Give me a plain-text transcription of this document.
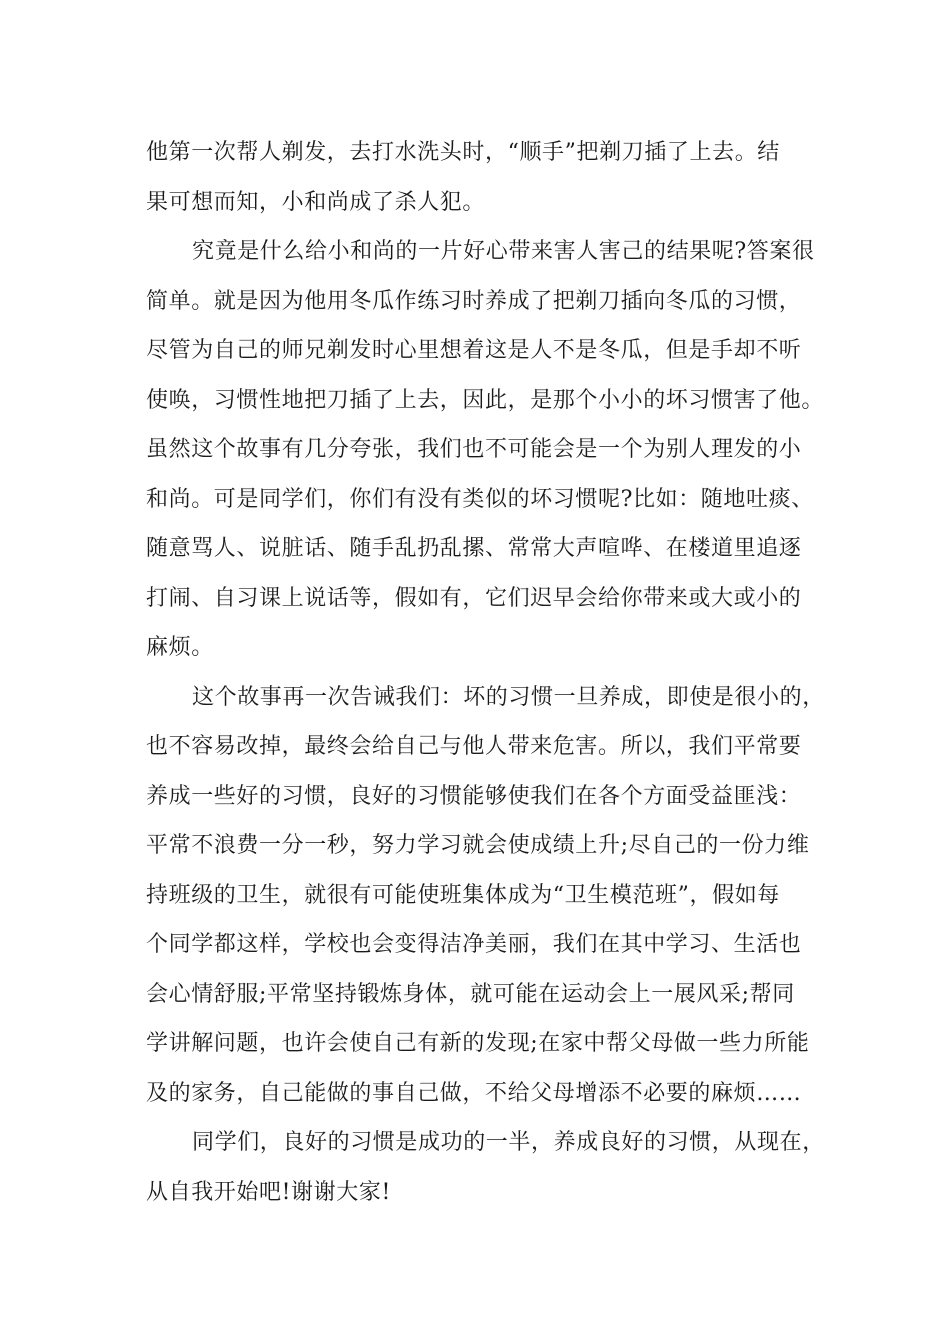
他第一次帮人剃发，去打水洗头时，“顺手”把剃刀插了上去。结
果可想而知，小和尚成了杀人犯。
究竟是什么给小和尚的一片好心带来害人害己的结果呢?答案很
简单。就是因为他用冬瓜作练习时养成了把剃刀插向冬瓜的习惯，
尽管为自己的师兄剃发时心里想着这是人不是冬瓜，但是手却不听
使唤，习惯性地把刀插了上去，因此，是那个小小的坏习惯害了他。
虽然这个故事有几分夸张，我们也不可能会是一个为别人理发的小
和尚。可是同学们，你们有没有类似的坏习惯呢?比如：随地吐痰、
随意骂人、说脏话、随手乱扔乱摞、常常大声喧哗、在楼道里追逐
打闹、自习课上说话等，假如有，它们迟早会给你带来或大或小的
麻烦。
这个故事再一次告诫我们：坏的习惯一旦养成，即使是很小的，
也不容易改掉，最终会给自己与他人带来危害。所以，我们平常要
养成一些好的习惯，良好的习惯能够使我们在各个方面受益匪浅：
平常不浪费一分一秒，努力学习就会使成绩上升;尽自己的一份力维
持班级的卫生，就很有可能使班集体成为“卫生模范班”，假如每
个同学都这样，学校也会变得洁净美丽，我们在其中学习、生活也
会心情舒服;平常坚持锻炼身体，就可能在运动会上一展风采;帮同
学讲解问题，也许会使自己有新的发现;在家中帮父母做一些力所能
及的家务，自己能做的事自己做，不给父母增添不必要的麻烦……
同学们，良好的习惯是成功的一半，养成良好的习惯，从现在，
从自我开始吧!谢谢大家!
